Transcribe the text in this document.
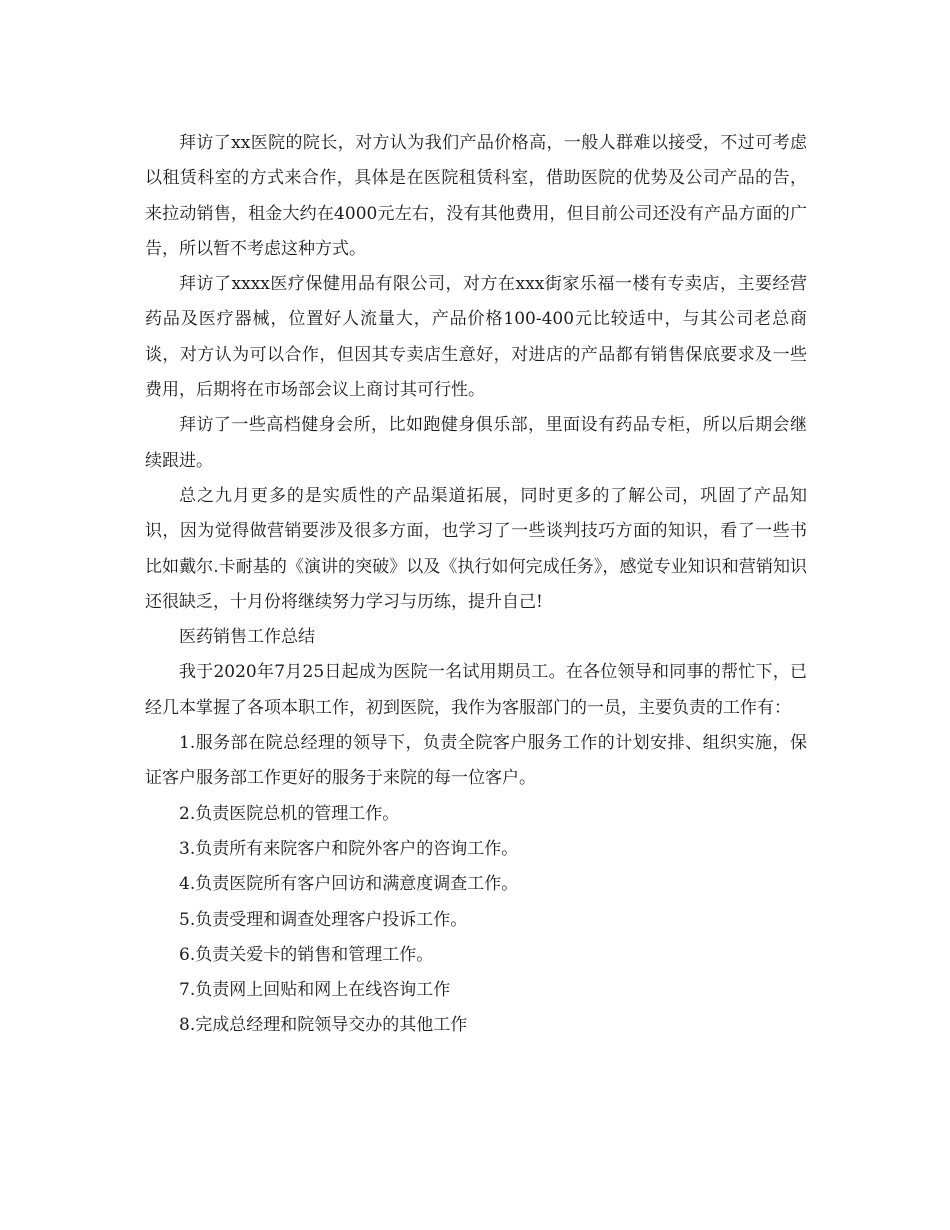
拜访了xx医院的院长，对方认为我们产品价格高，一般人群难以接受，不过可考虑以租赁科室的方式来合作，具体是在医院租赁科室，借助医院的优势及公司产品的告，来拉动销售，租金大约在4000元左右，没有其他费用，但目前公司还没有产品方面的广告，所以暂不考虑这种方式。

拜访了xxxx医疗保健用品有限公司，对方在xxx街家乐福一楼有专卖店，主要经营药品及医疗器械，位置好人流量大，产品价格100-400元比较适中，与其公司老总商谈，对方认为可以合作，但因其专卖店生意好，对进店的产品都有销售保底要求及一些费用，后期将在市场部会议上商讨其可行性。

拜访了一些高档健身会所，比如跑健身俱乐部，里面设有药品专柜，所以后期会继续跟进。

总之九月更多的是实质性的产品渠道拓展，同时更多的了解公司，巩固了产品知识，因为觉得做营销要涉及很多方面，也学习了一些谈判技巧方面的知识，看了一些书比如戴尔.卡耐基的《演讲的突破》以及《执行如何完成任务》，感觉专业知识和营销知识还很缺乏，十月份将继续努力学习与历练，提升自己!

医药销售工作总结

我于2020年7月25日起成为医院一名试用期员工。在各位领导和同事的帮忙下，已经几本掌握了各项本职工作，初到医院，我作为客服部门的一员，主要负责的工作有：

1.服务部在院总经理的领导下，负责全院客户服务工作的计划安排、组织实施，保证客户服务部工作更好的服务于来院的每一位客户。

2.负责医院总机的管理工作。

3.负责所有来院客户和院外客户的咨询工作。

4.负责医院所有客户回访和满意度调查工作。

5.负责受理和调查处理客户投诉工作。

6.负责关爱卡的销售和管理工作。

7.负责网上回贴和网上在线咨询工作

8.完成总经理和院领导交办的其他工作
